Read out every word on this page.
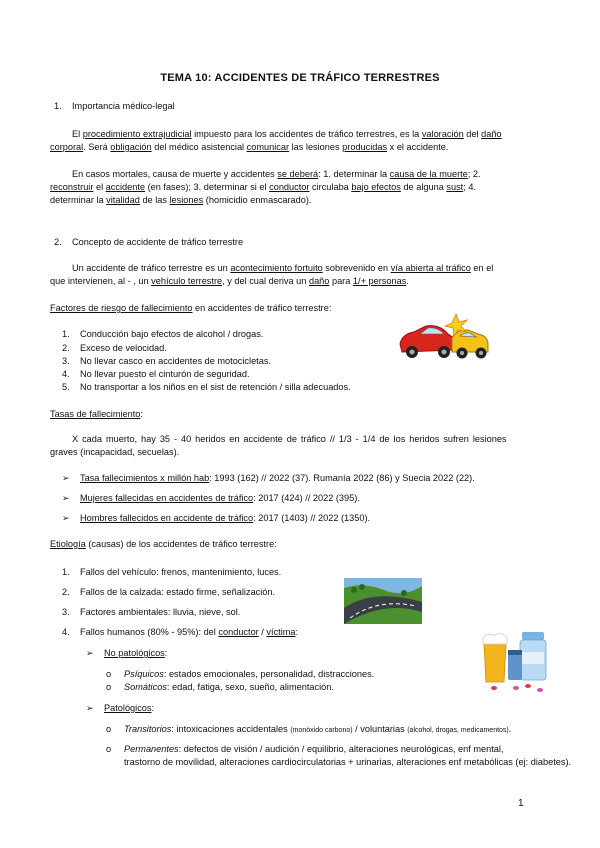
TEMA 10: ACCIDENTES DE TRÁFICO TERRESTRES
1. Importancia médico-legal
El procedimiento extrajudicial impuesto para los accidentes de tráfico terrestres, es la valoración del daño
corporal. Será obligación del médico asistencial comunicar las lesiones producidas x el accidente.
En casos mortales, causa de muerte y accidentes se deberá: 1. determinar la causa de la muerte; 2.
reconstruir el accidente (en fases); 3. determinar si el conductor circulaba bajo efectos de alguna sust; 4.
determinar la vitalidad de las lesiones (homicidio enmascarado).
2. Concepto de accidente de tráfico terrestre
Un accidente de tráfico terrestre es un acontecimiento fortuito sobrevenido en vía abierta al tráfico en el
que intervienen, al - , un vehículo terrestre, y del cual deriva un daño para 1/+ personas.
Factores de riesgo de fallecimiento en accidentes de tráfico terrestre:
1. Conducción bajo efectos de alcohol / drogas.
2. Exceso de velocidad.
3. No llevar casco en accidentes de motocicletas.
4. No llevar puesto el cinturón de seguridad.
5. No transportar a los niños en el sist de retención / silla adecuados.
Tasas de fallecimiento:
X cada muerto, hay 35 - 40 heridos en accidente de tráfico // 1/3 - 1/4 de los heridos sufren lesiones
graves (incapacidad, secuelas).
➢ Tasa fallecimientos x millón hab: 1993 (162) // 2022 (37). Rumanía 2022 (86) y Suecia 2022 (22).
➢ Mujeres fallecidas en accidentes de tráfico: 2017 (424) // 2022 (395).
➢ Hombres fallecidos en accidente de tráfico: 2017 (1403) // 2022 (1350).
Etiología (causas) de los accidentes de tráfico terrestre:
1. Fallos del vehículo: frenos, mantenimiento, luces.
2. Fallos de la calzada: estado firme, señalización.
3. Factores ambientales: lluvia, nieve, sol.
4. Fallos humanos (80% - 95%): del conductor / víctima:
➢ No patológicos:
o Psíquicos: estados emocionales, personalidad, distracciones.
o Somáticos: edad, fatiga, sexo, sueño, alimentación.
➢ Patológicos:
o Transitorios: intoxicaciones accidentales (monóxido carbono) / voluntarias (alcohol, drogas, medicamentos).
o Permanentes: defectos de visión / audición / equilibrio, alteraciones neurológicas, enf mental,
trastorno de movilidad, alteraciones cardiocirculatorias + urinarias, alteraciones enf metabólicas (ej: diabetes).
1
